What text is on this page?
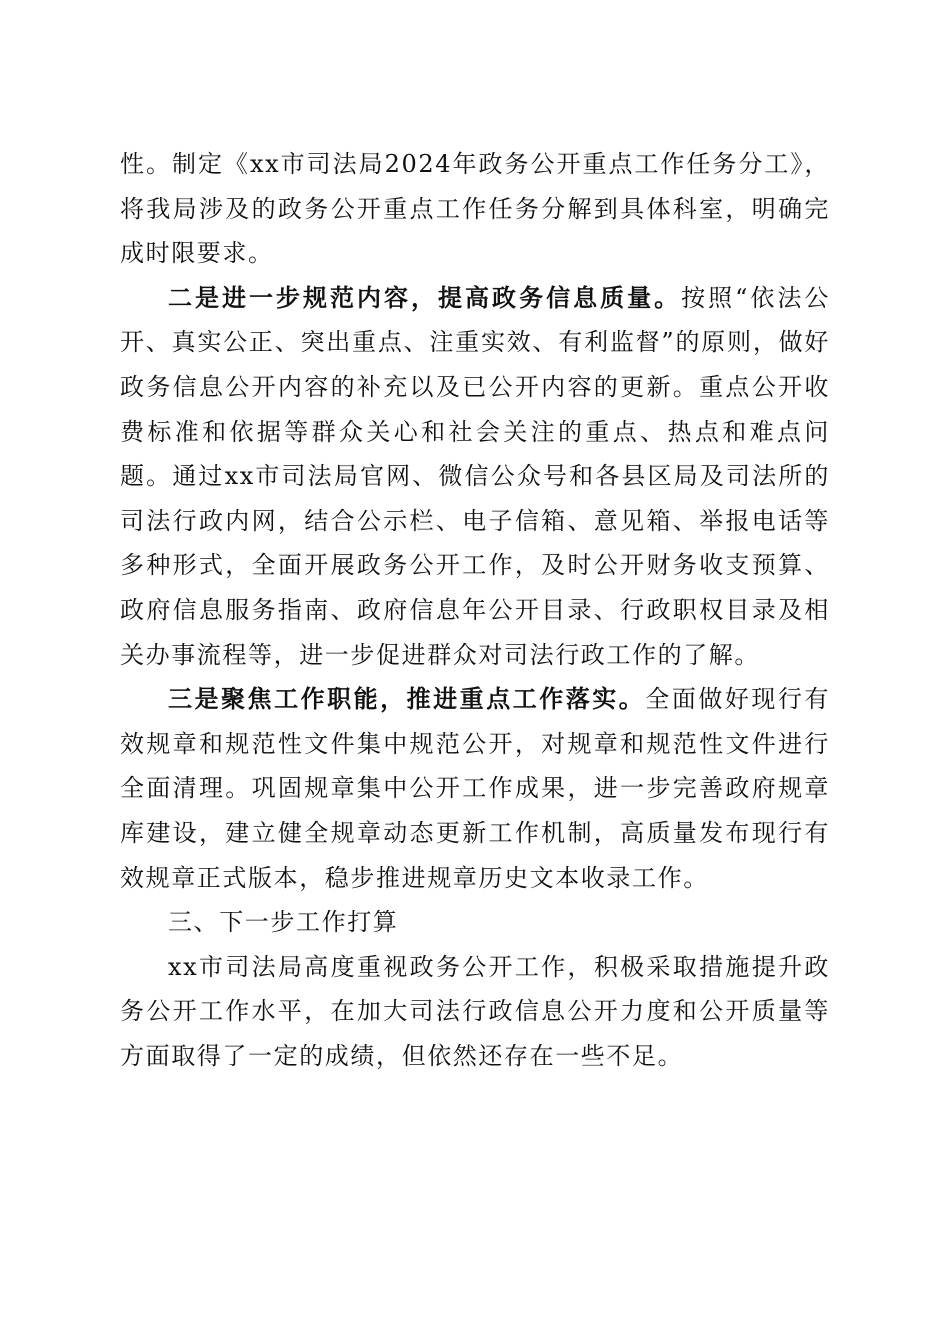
性。制定《xx市司法局2024年政务公开重点工作任务分工》，将我局涉及的政务公开重点工作任务分解到具体科室，明确完成时限要求。

二是进一步规范内容，提高政务信息质量。按照“依法公开、真实公正、突出重点、注重实效、有利监督”的原则，做好政务信息公开内容的补充以及已公开内容的更新。重点公开收费标准和依据等群众关心和社会关注的重点、热点和难点问题。通过xx市司法局官网、微信公众号和各县区局及司法所的司法行政内网，结合公示栏、电子信箱、意见箱、举报电话等多种形式，全面开展政务公开工作，及时公开财务收支预算、政府信息服务指南、政府信息年公开目录、行政职权目录及相关办事流程等，进一步促进群众对司法行政工作的了解。

三是聚焦工作职能，推进重点工作落实。全面做好现行有效规章和规范性文件集中规范公开，对规章和规范性文件进行全面清理。巩固规章集中公开工作成果，进一步完善政府规章库建设，建立健全规章动态更新工作机制，高质量发布现行有效规章正式版本，稳步推进规章历史文本收录工作。

三、下一步工作打算

xx市司法局高度重视政务公开工作，积极采取措施提升政务公开工作水平，在加大司法行政信息公开力度和公开质量等方面取得了一定的成绩，但依然还存在一些不足。
